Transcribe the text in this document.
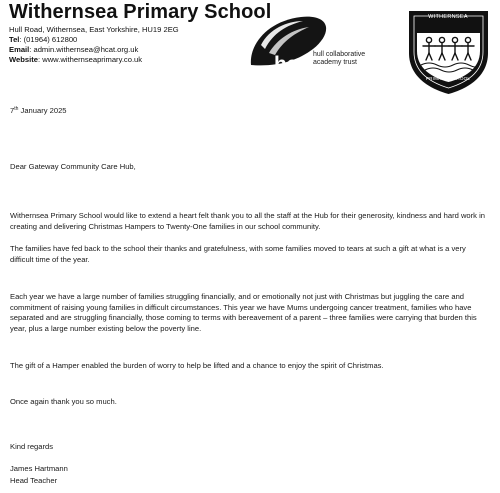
Withernsea Primary School
Hull Road, Withernsea, East Yorkshire, HU19 2EG
Tel: (01964) 612800
Email: admin.withernsea@hcat.org.uk
Website: www.withernseaprimary.co.uk	hcat
hull collaborative
academy trust
WITHERNSEA
PRIMARY SCHOOL
7th January 2025
Dear Gateway Community Care Hub,
Withernsea Primary School would like to extend a heart felt thank you to all the staff at the Hub for their generosity, kindness and hard work in creating and delivering Christmas Hampers to Twenty-One families in our school community.
The families have fed back to the school their thanks and gratefulness, with some families moved to tears at such a gift at what is a very difficult time of the year.
Each year we have a large number of families struggling financially, and or emotionally not just with Christmas but juggling the care and commitment of raising young families in difficult circumstances. This year we have Mums undergoing cancer treatment, families who have separated and are struggling financially, those coming to terms with bereavement of a parent – three families were carrying that burden this year, plus a large number existing below the poverty line.
The gift of a Hamper enabled the burden of worry to help be lifted and a chance to enjoy the spirit of Christmas.
Once again thank you so much.
Kind regards
James Hartmann
Head Teacher
